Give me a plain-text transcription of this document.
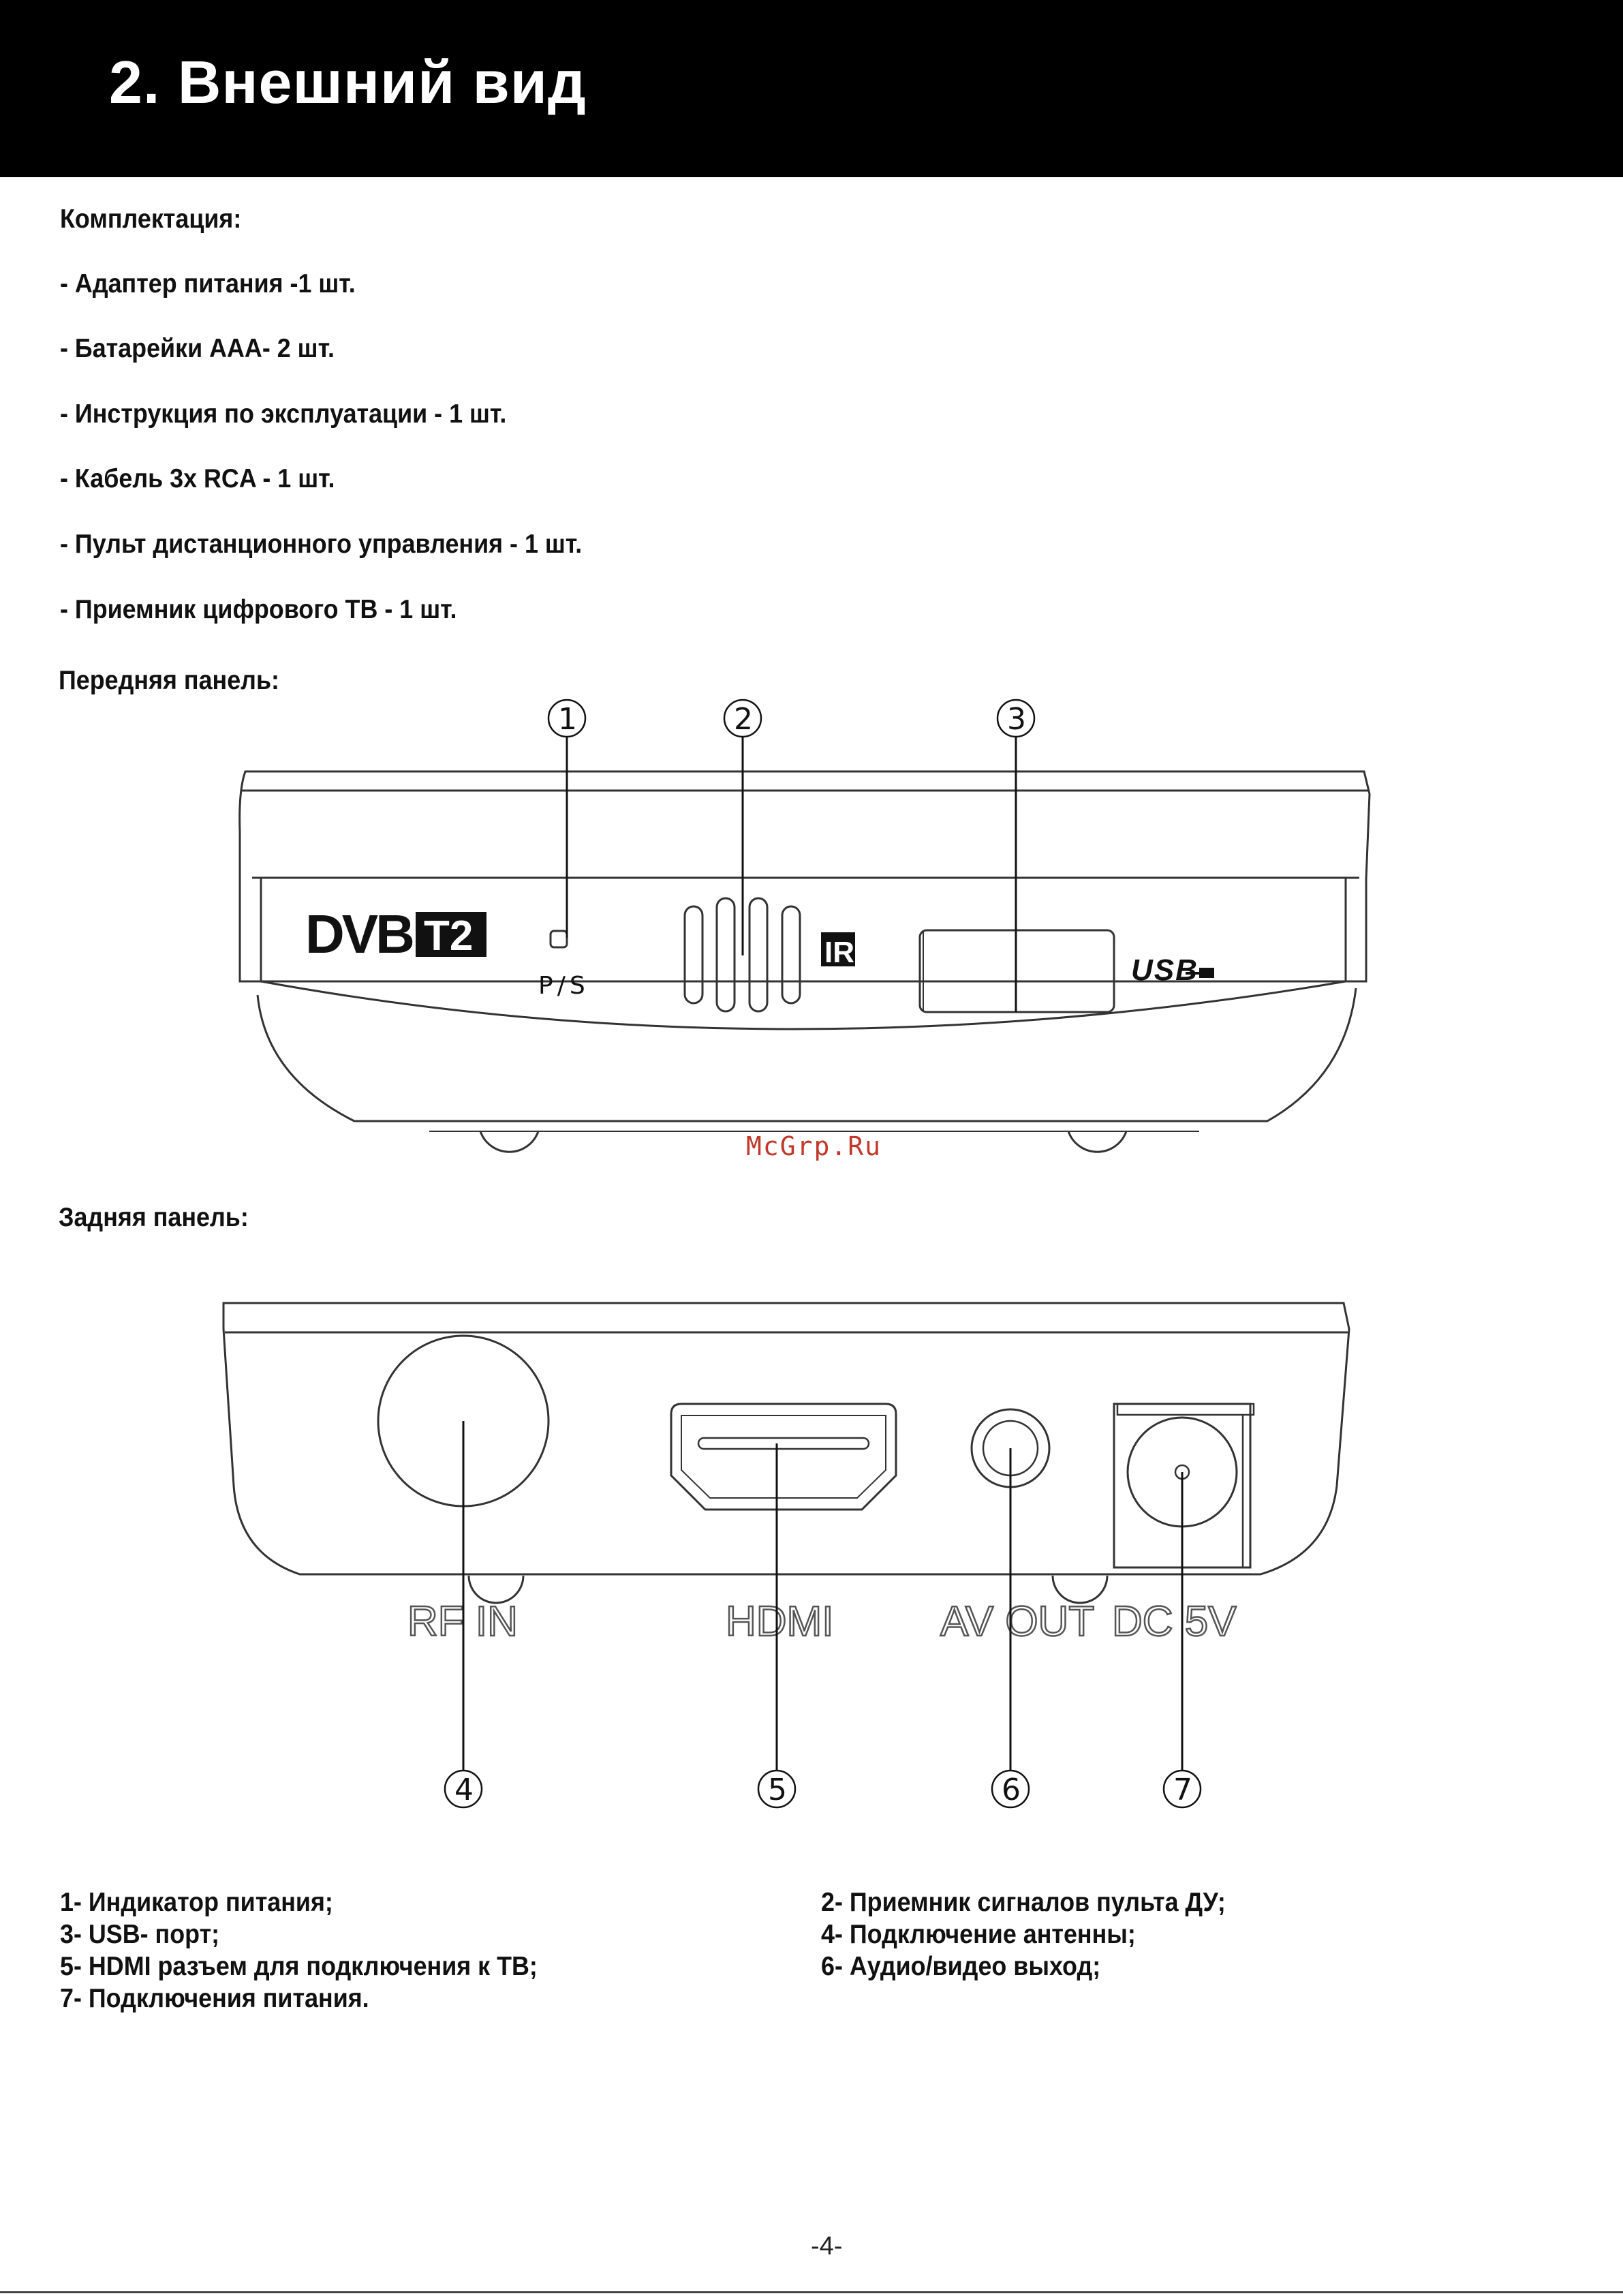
2. Внешний вид
Комплектация:
- Адаптер питания -1 шт.
- Батарейки ААА- 2 шт.
- Инструкция по эксплуатации - 1 шт.
- Кабель 3х RCA - 1 шт.
- Пульт дистанционного управления - 1 шт.
- Приемник цифрового ТВ - 1 шт.
Передняя панель:
DVB T2
P/S
IR
USB
1	2	3
McGrp.Ru
Задняя панель:
RF IN	HDMI	AV OUT DC 5V
4	5	6	7
1- Индикатор питания;
3- USB- порт;
5- HDMI разъем для подключения к ТВ;
7- Подключения питания.
2- Приемник сигналов пульта ДУ;
4- Подключение антенны;
6- Аудио/видео выход;
-4-
